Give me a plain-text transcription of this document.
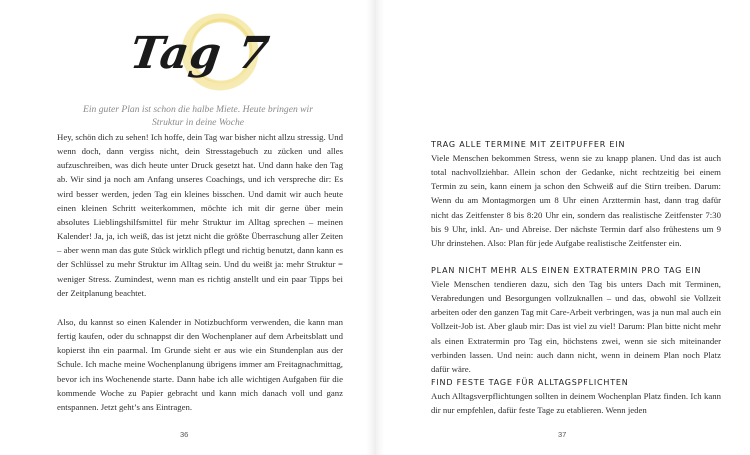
Tag 7

Ein guter Plan ist schon die halbe Miete. Heute bringen wir Struktur in deine Woche

Hey, schön dich zu sehen! Ich hoffe, dein Tag war bisher nicht allzu stressig. Und wenn doch, dann vergiss nicht, dein Stresstagebuch zu zücken und alles aufzuschreiben, was dich heute unter Druck gesetzt hat. Und dann hake den Tag ab. Wir sind ja noch am Anfang unseres Coachings, und ich verspreche dir: Es wird besser werden, jeden Tag ein kleines bisschen. Und damit wir auch heute einen kleinen Schritt weiterkommen, möchte ich mit dir gerne über mein absolutes Lieblingshilfsmittel für mehr Struktur im Alltag sprechen – meinen Kalender! Ja, ja, ich weiß, das ist jetzt nicht die größte Überraschung aller Zeiten – aber wenn man das gute Stück wirklich pflegt und richtig benutzt, dann kann es der Schlüssel zu mehr Struktur im Alltag sein. Und du weißt ja: mehr Struktur = weniger Stress. Zumindest, wenn man es richtig anstellt und ein paar Tipps bei der Zeitplanung beachtet.

Also, du kannst so einen Kalender in Notizbuchform verwenden, die kann man fertig kaufen, oder du schnappst dir den Wochenplaner auf dem Arbeitsblatt und kopierst ihn ein paarmal. Im Grunde sieht er aus wie ein Stundenplan aus der Schule. Ich mache meine Wochenplanung übrigens immer am Freitagnachmittag, bevor ich ins Wochenende starte. Dann habe ich alle wichtigen Aufgaben für die kommende Woche zu Papier gebracht und kann mich danach voll und ganz entspannen. Jetzt geht’s ans Eintragen.

36

TRAG ALLE TERMINE MIT ZEITPUFFER EIN

Viele Menschen bekommen Stress, wenn sie zu knapp planen. Und das ist auch total nachvollziehbar. Allein schon der Gedanke, nicht rechtzeitig bei einem Termin zu sein, kann einem ja schon den Schweiß auf die Stirn treiben. Darum: Wenn du am Montagmorgen um 8 Uhr einen Arzttermin hast, dann trag dafür nicht das Zeitfenster 8 bis 8:20 Uhr ein, sondern das realistische Zeitfenster 7:30 bis 9 Uhr, inkl. An- und Abreise. Der nächste Termin darf also frühestens um 9 Uhr drinstehen. Also: Plan für jede Aufgabe realistische Zeitfenster ein.

PLAN NICHT MEHR ALS EINEN EXTRATERMIN PRO TAG EIN

Viele Menschen tendieren dazu, sich den Tag bis unters Dach mit Terminen, Verabredungen und Besorgungen vollzuknallen – und das, obwohl sie Vollzeit arbeiten oder den ganzen Tag mit Care-Arbeit verbringen, was ja nun mal auch ein Vollzeit-Job ist. Aber glaub mir: Das ist viel zu viel! Darum: Plan bitte nicht mehr als einen Extratermin pro Tag ein, höchstens zwei, wenn sie sich miteinander verbinden lassen. Und nein: auch dann nicht, wenn in deinem Plan noch Platz dafür wäre.

FIND FESTE TAGE FÜR ALLTAGSPFLICHTEN

Auch Alltagsverpflichtungen sollten in deinem Wochenplan Platz finden. Ich kann dir nur empfehlen, dafür feste Tage zu etablieren. Wenn jeden

37
